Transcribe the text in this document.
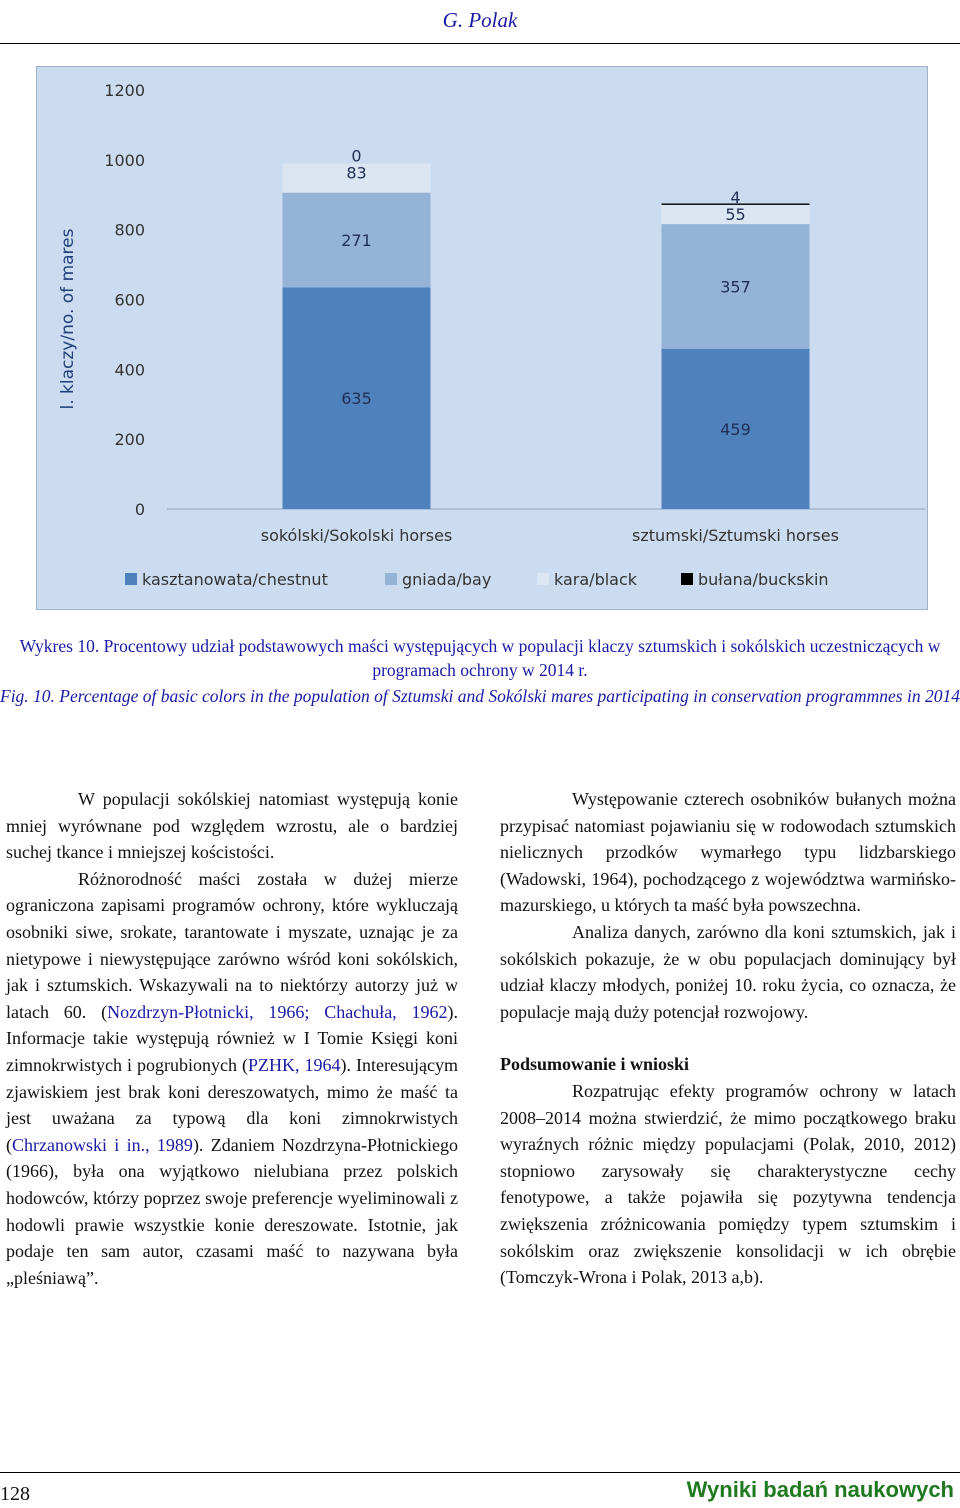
G. Polak
0
200
400
600
800
1000
1200
l. klaczy/no. of mares	635
271
83
0
sokólski/Sokolski horses
459
357
55
4
sztumski/Sztumski horses
kasztanowata/chestnut	gniada/bay	kara/black	bułana/buckskin
Wykres 10. Procentowy udział podstawowych maści występujących w populacji klaczy sztumskich i sokólskich uczestniczących w programach ochrony w 2014 r.
Fig. 10. Percentage of basic colors in the population of Sztumski and Sokólski mares participating in conservation programmnes in 2014

W populacji sokólskiej natomiast występują konie mniej wyrównane pod względem wzrostu, ale o bardziej suchej tkance i mniejszej kościstości.

Różnorodność maści została w dużej mierze ograniczona zapisami programów ochrony, które wykluczają osobniki siwe, srokate, tarantowate i myszate, uznając je za nietypowe i niewystępujące zarówno wśród koni sokólskich, jak i sztumskich. Wskazywali na to niektórzy autorzy już w latach 60. (Nozdrzyn-Płotnicki, 1966; Chachuła, 1962). Informacje takie występują również w I Tomie Księgi koni zimnokrwistych i pogrubionych (PZHK, 1964). Interesującym zjawiskiem jest brak koni dereszowatych, mimo że maść ta jest uważana za typową dla koni zimnokrwistych (Chrzanowski i in., 1989). Zdaniem Nozdrzyna-Płotnickiego (1966), była ona wyjątkowo nielubiana przez polskich hodowców, którzy poprzez swoje preferencje wyeliminowali z hodowli prawie wszystkie konie dereszowate. Istotnie, jak podaje ten sam autor, czasami maść to nazywana była „pleśniawą”.

Występowanie czterech osobników bułanych można przypisać natomiast pojawianiu się w rodowodach sztumskich nielicznych przodków wymarłego typu lidzbarskiego (Wadowski, 1964), pochodzącego z województwa warmińsko-mazurskiego, u których ta maść była powszechna.

Analiza danych, zarówno dla koni sztumskich, jak i sokólskich pokazuje, że w obu populacjach dominujący był udział klaczy młodych, poniżej 10. roku życia, co oznacza, że populacje mają duży potencjał rozwojowy.

Podsumowanie i wnioski

Rozpatrując efekty programów ochrony w latach 2008–2014 można stwierdzić, że mimo początkowego braku wyraźnych różnic między populacjami (Polak, 2010, 2012) stopniowo zarysowały się charakterystyczne cechy fenotypowe, a także pojawiła się pozytywna tendencja zwiększenia zróżnicowania pomiędzy typem sztumskim i sokólskim oraz zwiększenie konsolidacji w ich obrębie (Tomczyk-Wrona i Polak, 2013 a,b).

128	Wyniki badań naukowych
